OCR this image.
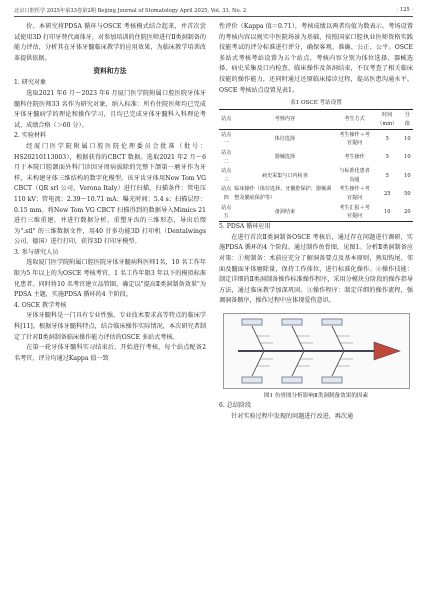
北京口腔医学 2025年第33卷第2期 Beijing Journal of Stomatology April 2025, Vol. 33, No. 2	· 125 ·

价。本研究将PDSA 循环与OSCE 考核模式结合起来，并首次尝试使用3D 打印牙替代离体牙，对参加培训的住院医师进行Ⅱ类洞制备的能力评估，分析其在牙体牙髓临床教学的应用效果，为临床教学培训改革提供依据。

资料和方法
1. 研究对象

选取2021 年6 月～2023 年6 月厦门医学院附属口腔医院牙体牙髓科住院医师33 名作为研究对象，纳入标准：所有住院医师均已完成牙体牙髓病学的理论和操作学习，且均已完成牙体牙髓科入科理论考试，成绩合格（＞60 分）。

2. 实验材料

经厦门医学院附属口腔医院伦理委员会批准（批号：HS20210113003），根据获得的CBCT 数据。选取2021 年2 月～6 月于本院口腔颌面外科门诊因牙周病拔除的完整下颌第一磨牙作为牙样，未构建牙体三维结构的数字化模型。该牙齿牙体用New Tom VG CBCT（QR srl 公司，Verona Italy）进行扫描，扫描条件：管电压 110 kV；管电流：2.39～10.71 mA；曝光时间：5.4 s；扫描层厚：0.15 mm。将New Tom VG CBCT 扫描得到的数据导入Mimics 21 进行三维重建，并进行数据分析，重塑牙齿的三维形态，导出后缀为".stl" 的三维数据文件，用40 甘多功能3D 打印机（Dentalwings 公司，德国）进行打印，获得3D 打印牙模型。

3. 参与研究人员

选取厦门医学院附属口腔医院牙体牙髓病科医师1名，10 名工作年限为5 年以上的为OSCE 考核考官，1 名工作年限3 年以下的模拟标准化患者。同时将10 名考官建立品管圈，确定以"提高Ⅱ类洞制备效果"为PDSA 主题，实施PDSA 循环的4 个阶段。

4. OSCE 教学考核

牙体牙髓科是一门具有专业性强、专业技术要求高等特点的临床学科[11]。根据牙体牙髓科特点，结合临床操作实际情况，本次研究者制定了针对Ⅱ类洞制备临床操作能力评估的OSCE 多站式考核。

在第一轮牙体牙髓科实习结束后，开始进行考核，每个站点配备2 名考官，评分均通过Kappa 值一致

性评价（Kappa 值＝0.71），考核成绩以两者均值为数表示。考场设置的考核内容以规实中医院场景为基础，按照国家口腔执业医师资格实践技能考试的评分标准进行评分，确保客观、准确、公正、公平。OSCE 多站式考核考站设置为五个站点，考核内容分别为体位选择、器械选择、病史采集及口内检查、临床操作及备洞结束，不仅考查了相关临床技能的操作能力，还同时通过还原临床接诊过程，提高医患沟通水平。OSCE 考核站点设置见表1。

表1 OSCE 考站设置
站点	考核内容	考生方式	时间（min）	分值
站点一	体位选择	考生操作＋考官提问	5	10
站点二	器械选择	考生操作	5	10
站点三	病史采集与口内检查	与标准化患者沟通	5	10
站点四	临床操作（体位选择、牙髓腔保护、器械调整及髓底保护等）	考生操作＋考官提问	25	50
站点五	备洞结束	考生汇报＋考官提问	10	20
5. PDSA 循环应用

在进行首次Ⅱ类洞制备OSCE 考核后，通过存在问题进行调研，实施PDSA 循环的4 个阶段。通过制作鱼骨图，见图1。分析Ⅱ类洞制备应对策：①规制备：术前应充分了解洞备要点及基本原则，熟知钩尾、邻面及髓面牙体磨除量，保持工作体位，进行标准化操作。②操作技能：制定详细的Ⅱ类洞制备操作标准操作程序，采用分模块分阶段的操作指导方法，通过临床教学加深巩固。③操作程序：制定详细的操作流程，强调洞备顺序，操作过程中应体现爱伤意识。

图1 鱼骨图分析影响Ⅱ类洞制备效果的因素
6. 总结阶段

针对实验过程中发现的问题进行改进，再次通
